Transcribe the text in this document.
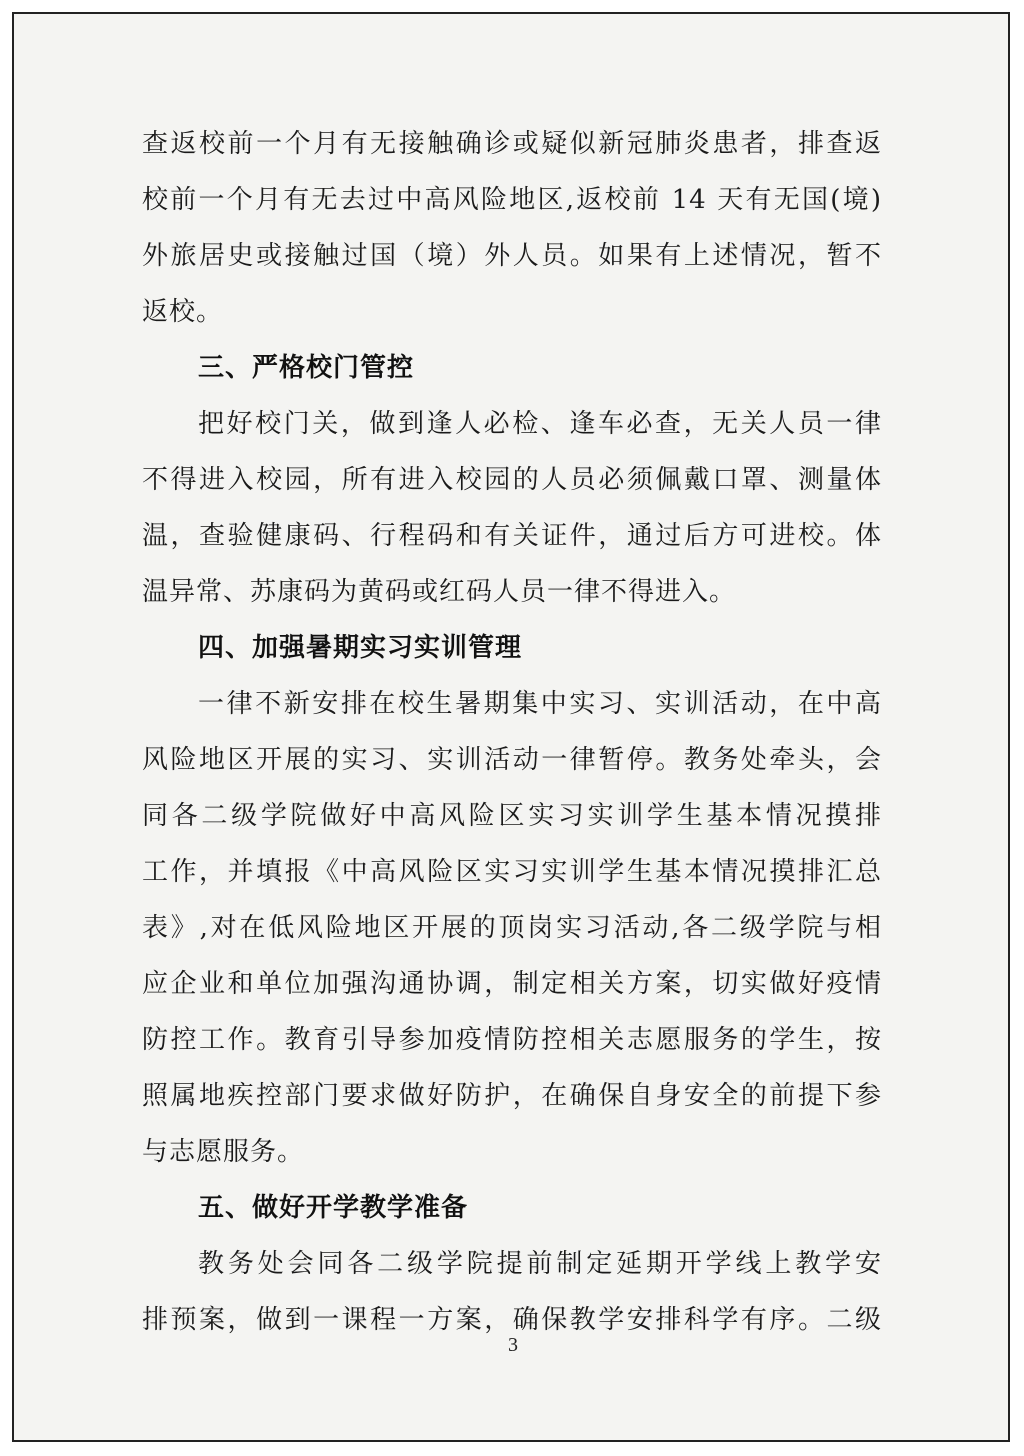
查返校前一个月有无接触确诊或疑似新冠肺炎患者，排查返
校前一个月有无去过中高风险地区,返校前 14 天有无国(境)
外旅居史或接触过国（境）外人员。如果有上述情况，暂不
返校。
三、严格校门管控
把好校门关，做到逢人必检、逢车必查，无关人员一律
不得进入校园，所有进入校园的人员必须佩戴口罩、测量体
温，查验健康码、行程码和有关证件，通过后方可进校。体
温异常、苏康码为黄码或红码人员一律不得进入。
四、加强暑期实习实训管理
一律不新安排在校生暑期集中实习、实训活动，在中高
风险地区开展的实习、实训活动一律暂停。教务处牵头，会
同各二级学院做好中高风险区实习实训学生基本情况摸排
工作，并填报《中高风险区实习实训学生基本情况摸排汇总
表》,对在低风险地区开展的顶岗实习活动,各二级学院与相
应企业和单位加强沟通协调，制定相关方案，切实做好疫情
防控工作。教育引导参加疫情防控相关志愿服务的学生，按
照属地疾控部门要求做好防护，在确保自身安全的前提下参
与志愿服务。
五、做好开学教学准备
教务处会同各二级学院提前制定延期开学线上教学安
排预案，做到一课程一方案，确保教学安排科学有序。二级
3
